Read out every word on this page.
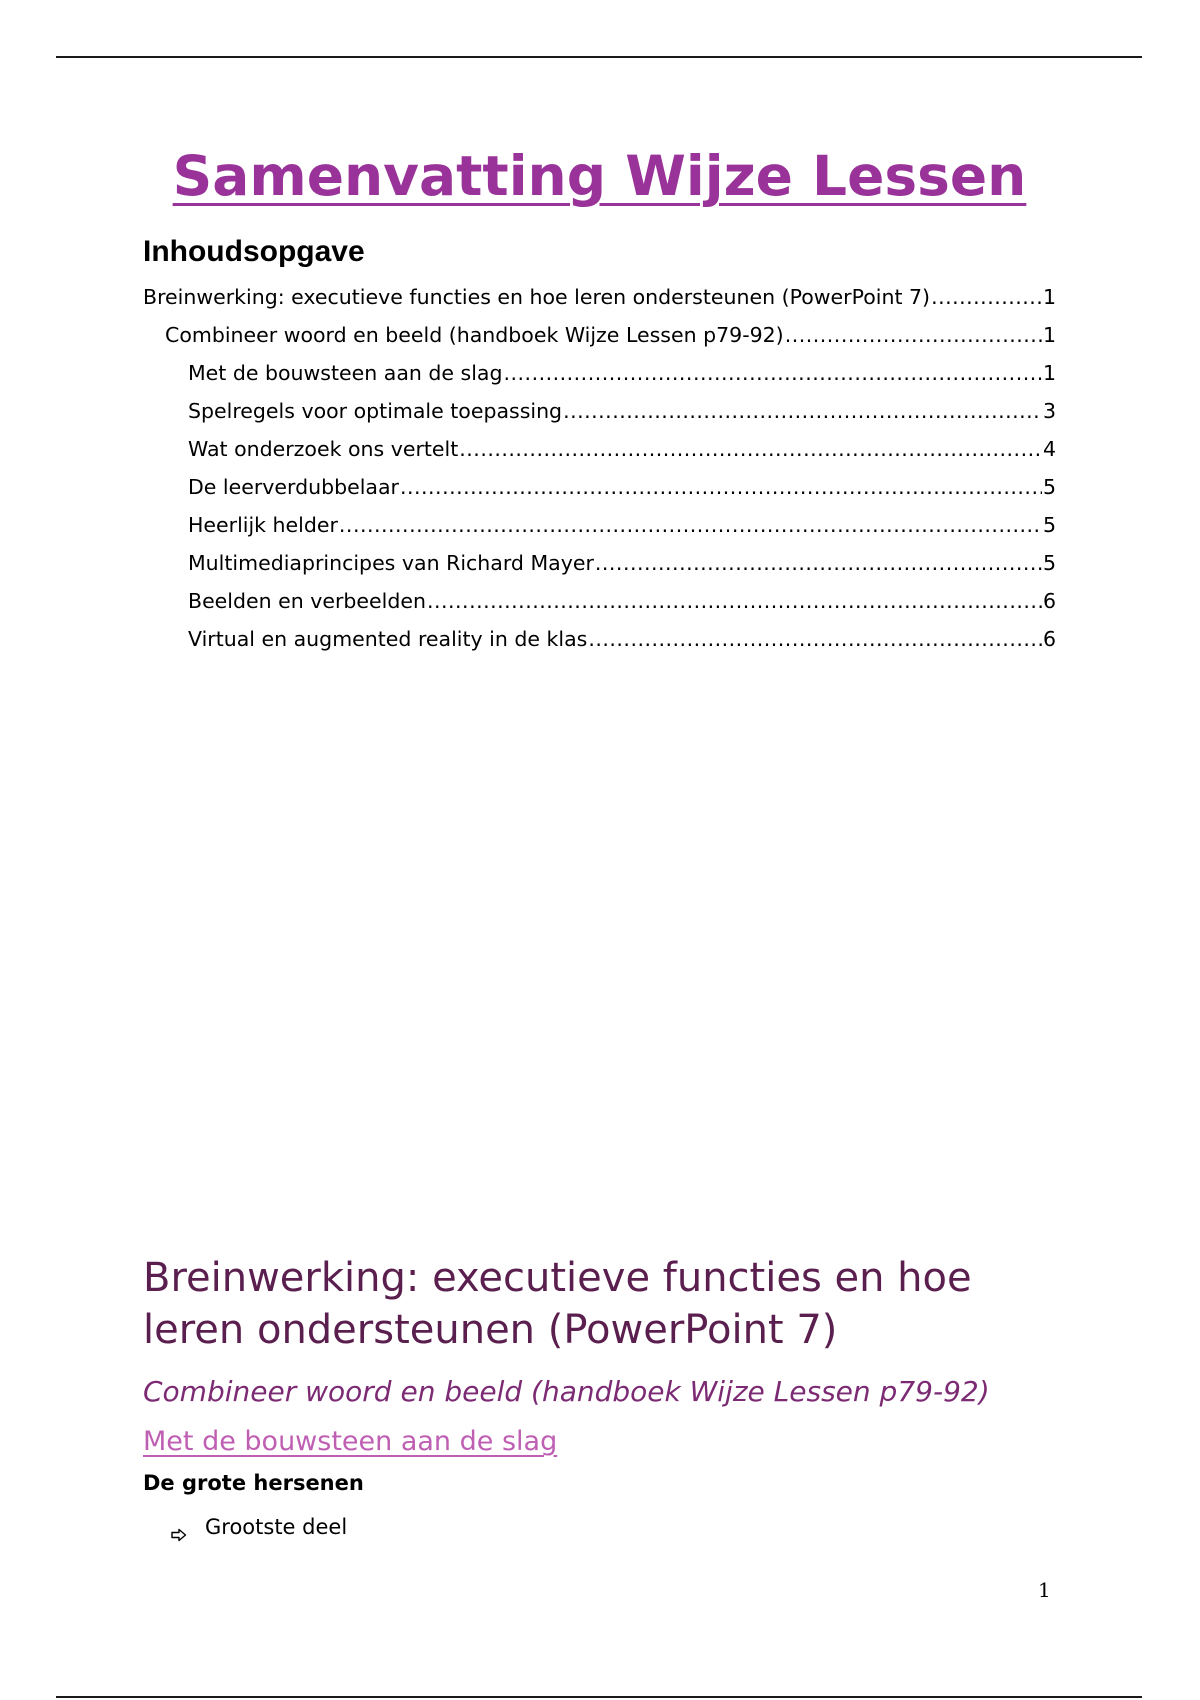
Samenvatting Wijze Lessen
Inhoudsopgave
Breinwerking: executieve functies en hoe leren ondersteunen (PowerPoint 7) .....	1
Combineer woord en beeld (handboek Wijze Lessen p79-92) .....	1
Met de bouwsteen aan de slag .....	1
Spelregels voor optimale toepassing .....	3
Wat onderzoek ons vertelt .....	4
De leerverdubbelaar .....	5
Heerlijk helder .....	5
Multimediaprincipes van Richard Mayer .....	5
Beelden en verbeelden .....	6
Virtual en augmented reality in de klas .....	6
Breinwerking: executieve functies en hoe leren ondersteunen (PowerPoint 7)
Combineer woord en beeld (handboek Wijze Lessen p79-92)
Met de bouwsteen aan de slag
De grote hersenen
Grootste deel
1
